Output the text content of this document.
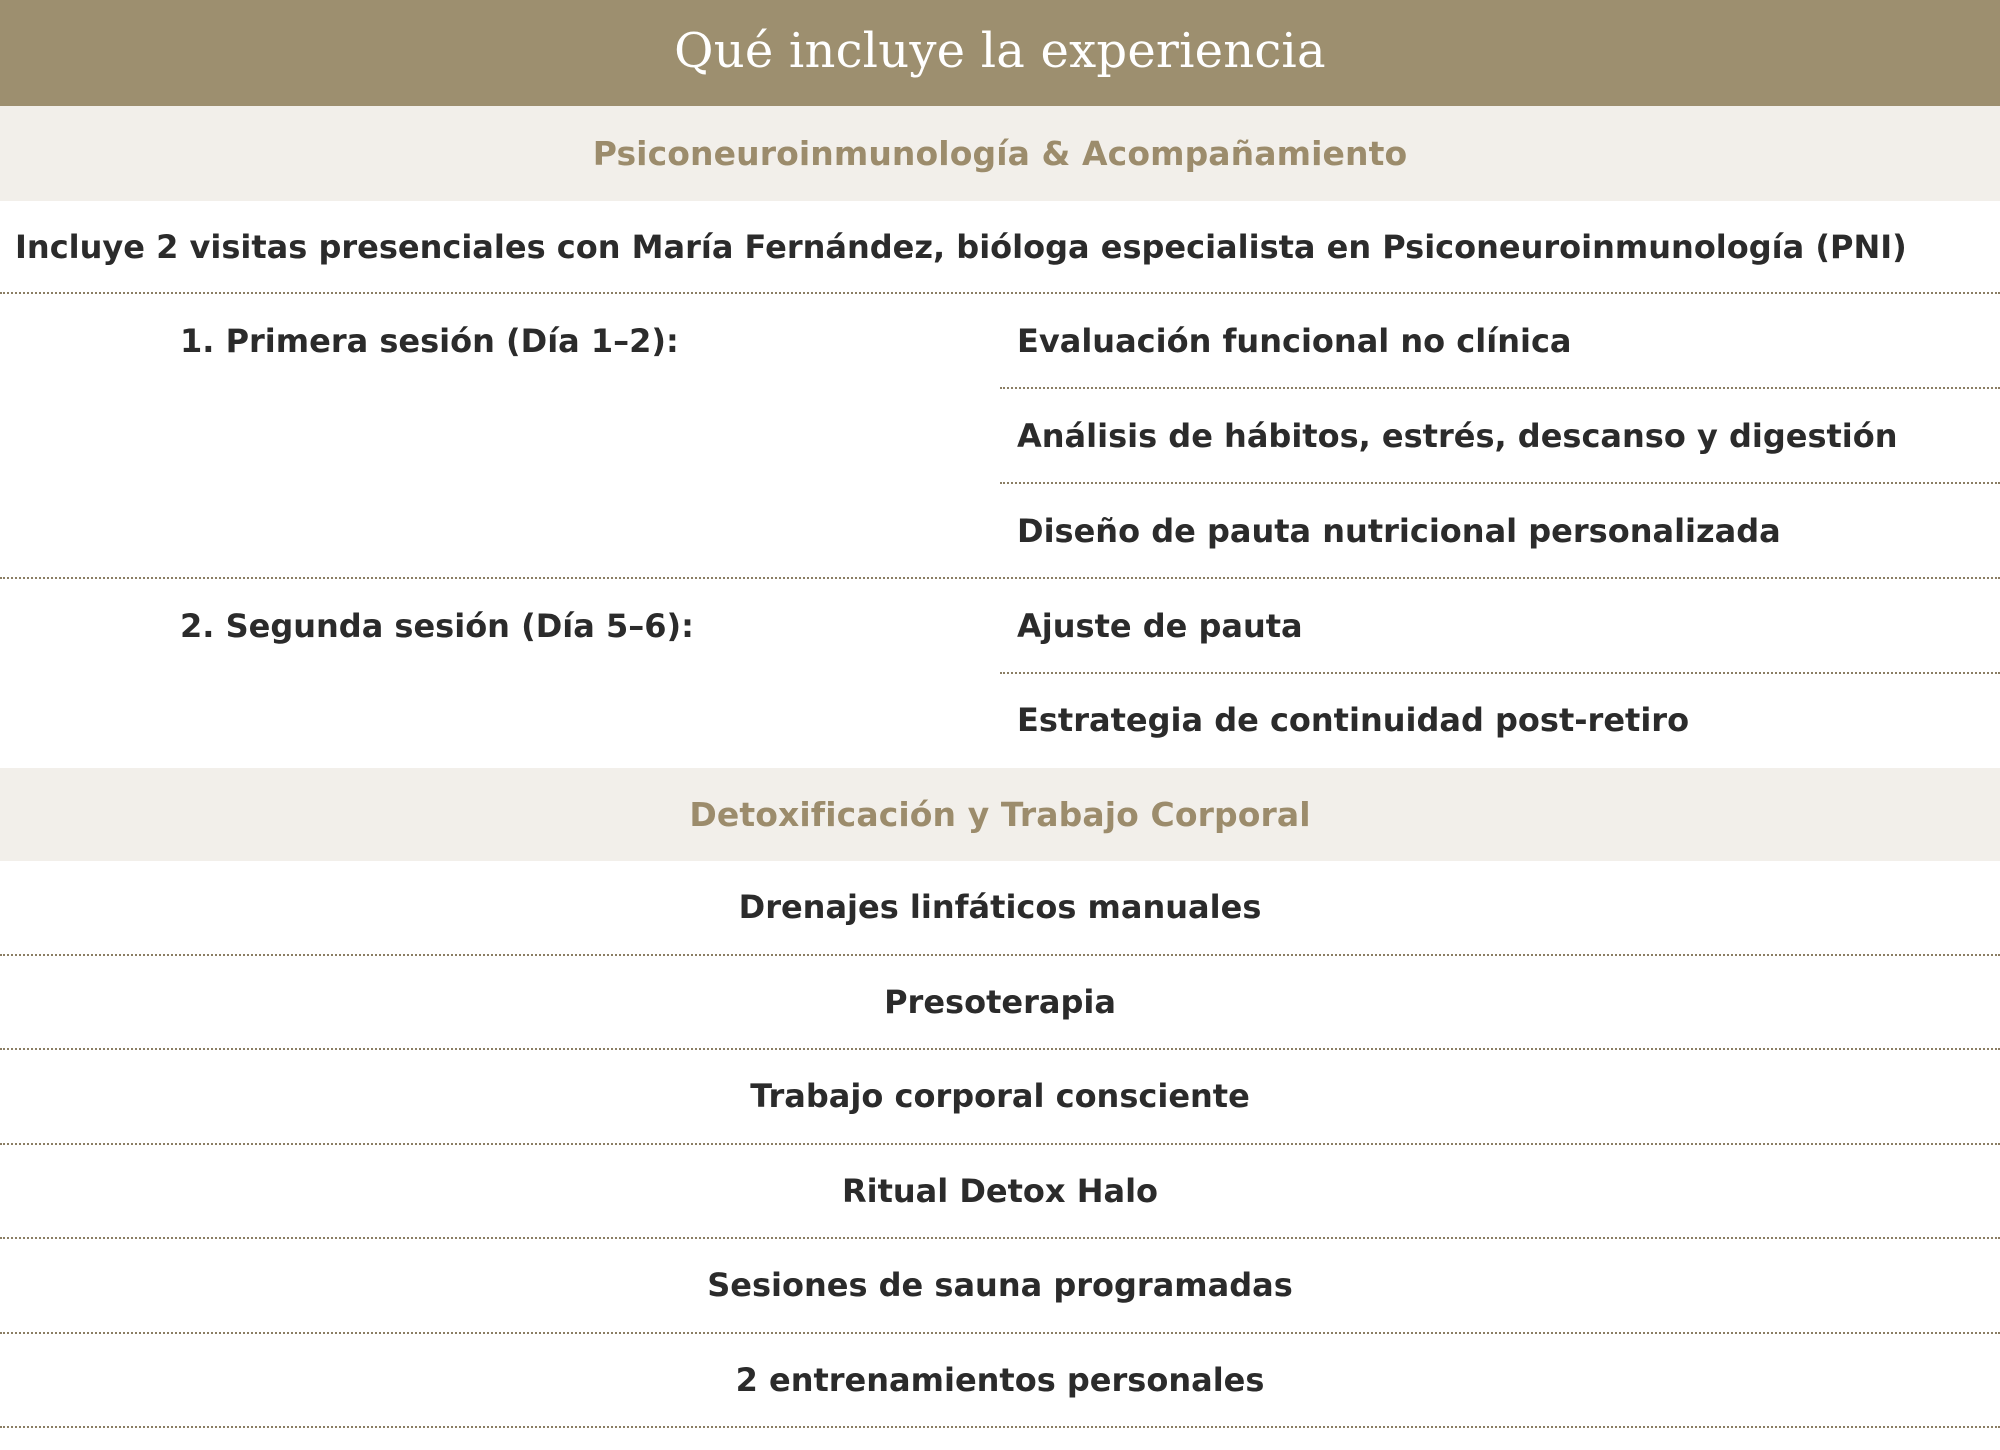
Qué incluye la experiencia
Psiconeuroinmunología & Acompañamiento
Incluye 2 visitas presenciales con María Fernández, bióloga especialista en Psiconeuroinmunología (PNI)
1. Primera sesión (Día 1–2):	Evaluación funcional no clínica
Análisis de hábitos, estrés, descanso y digestión
Diseño de pauta nutricional personalizada
2. Segunda sesión (Día 5–6):	Ajuste de pauta
Estrategia de continuidad post-retiro
Detoxificación y Trabajo Corporal
Drenajes linfáticos manuales
Presoterapia
Trabajo corporal consciente
Ritual Detox Halo
Sesiones de sauna programadas
2 entrenamientos personales
